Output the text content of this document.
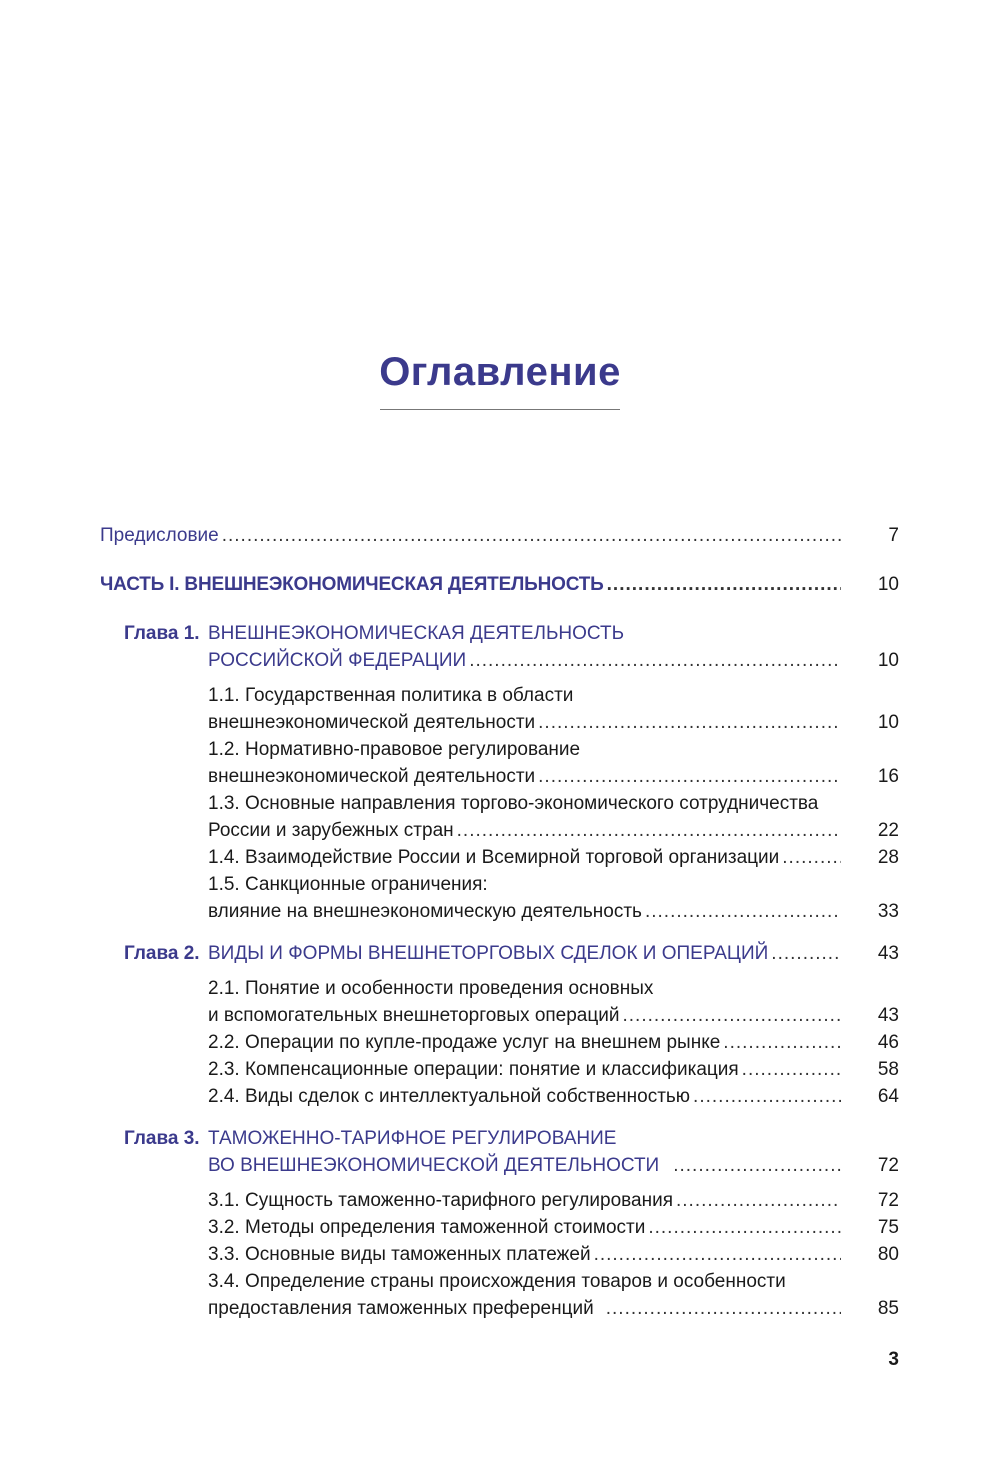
Оглавление
Предисловие .....	7
ЧАСТЬ I. ВНЕШНЕЭКОНОМИЧЕСКАЯ ДЕЯТЕЛЬНОСТЬ .....	10
Глава 1. ВНЕШНЕЭКОНОМИЧЕСКАЯ ДЕЯТЕЛЬНОСТЬ
РОССИЙСКОЙ ФЕДЕРАЦИИ .....	10
1.1. Государственная политика в области
внешнеэкономической деятельности .....	10
1.2. Нормативно-правовое регулирование
внешнеэкономической деятельности .....	16
1.3. Основные направления торгово-экономического сотрудничества
России и зарубежных стран .....	22
1.4. Взаимодействие России и Всемирной торговой организации .....	28
1.5. Санкционные ограничения:
влияние на внешнеэкономическую деятельность .....	33
Глава 2. ВИДЫ И ФОРМЫ ВНЕШНЕТОРГОВЫХ СДЕЛОК И ОПЕРАЦИЙ .....	43
2.1. Понятие и особенности проведения основных
и вспомогательных внешнеторговых операций .....	43
2.2. Операции по купле-продаже услуг на внешнем рынке .....	46
2.3. Компенсационные операции: понятие и классификация .....	58
2.4. Виды сделок с интеллектуальной собственностью .....	64
Глава 3. ТАМОЖЕННО-ТАРИФНОЕ РЕГУЛИРОВАНИЕ
ВО ВНЕШНЕЭКОНОМИЧЕСКОЙ ДЕЯТЕЛЬНОСТИ .....	72
3.1. Сущность таможенно-тарифного регулирования .....	72
3.2. Методы определения таможенной стоимости .....	75
3.3. Основные виды таможенных платежей .....	80
3.4. Определение страны происхождения товаров и особенности
предоставления таможенных преференций .....	85
3
